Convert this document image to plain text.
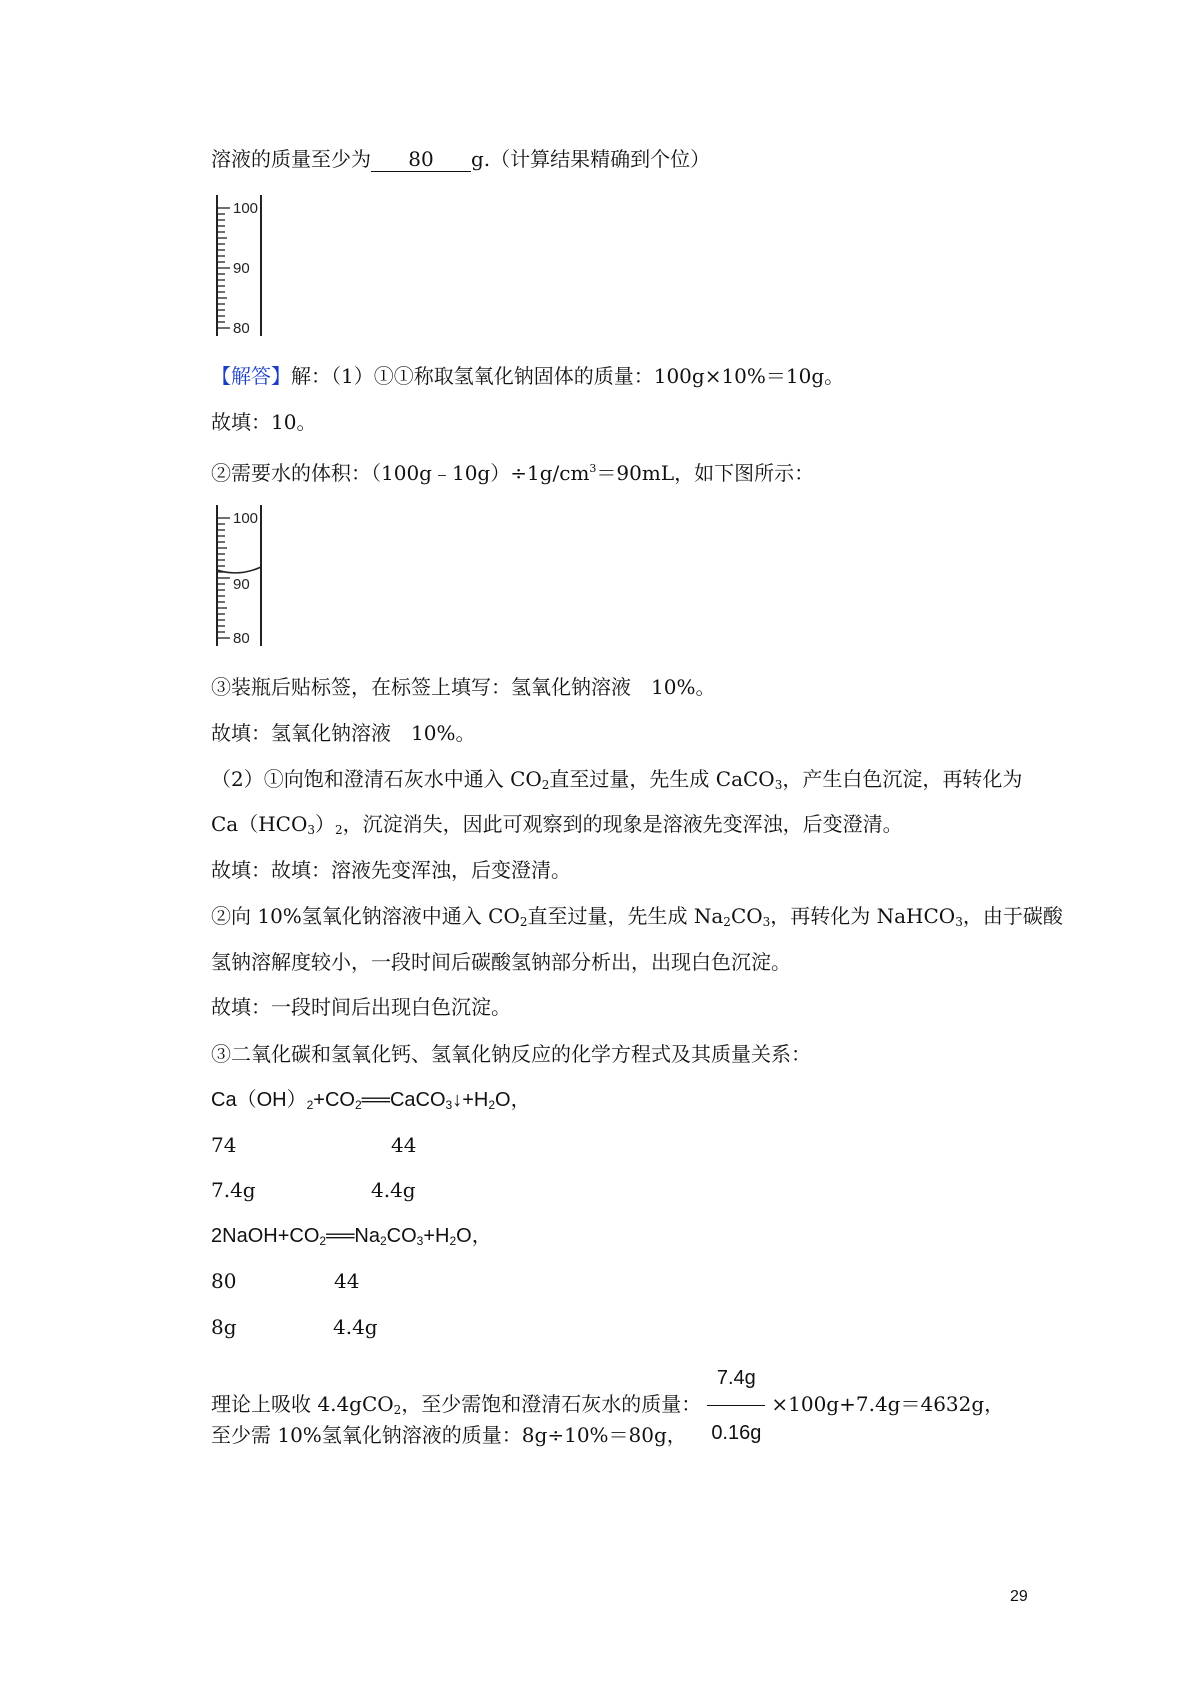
溶液的质量至少为 80 g.（计算结果精确到个位）
100
90
80
【解答】解：（1）①①称取氢氧化钠固体的质量：100g×10%＝10g。
故填：10。
②需要水的体积：$(100g﹣10g)\div 1g/cm^3=90mL$，如下图所示：
100
90
80
③装瓶后贴标签，在标签上填写：氢氧化钠溶液　10%。
故填：氢氧化钠溶液　10%。
（2）①向饱和澄清石灰水中通入 $CO_2$直至过量，先生成 CaCO$_3$，产生白色沉淀，再转化为
$Ca(HCO_3)_2$，沉淀消失，因此可观察到的现象是溶液先变浑浊，后变澄清。
故填：故填：溶液先变浑浊，后变澄清。
②向 10%氢氧化钠溶液中通入 $CO_2$直至过量，先生成 $Na_2CO_3$，再转化为 NaHCO$_3$，由于碳酸
氢钠溶解度较小，一段时间后碳酸氢钠部分析出，出现白色沉淀。
故填：一段时间后出现白色沉淀。
③二氧化碳和氢氧化钙、氢氧化钠反应的化学方程式及其质量关系：
$Ca(OH)_2+CO_2══CaCO_3↓+H_2O$，
74	44
7.4g	4.4g
$2NaOH+CO_2══Na_2CO_3+H_2O$，
80	44
8g	4.4g
理论上吸收 4.4gCO$_2$，至少需饱和澄清石灰水的质量： $\frac{7.4g}{0.16g} \times 100g+7.4g=4632g$，
至少需 10%氢氧化钠溶液的质量：8g÷10%＝80g，
29
